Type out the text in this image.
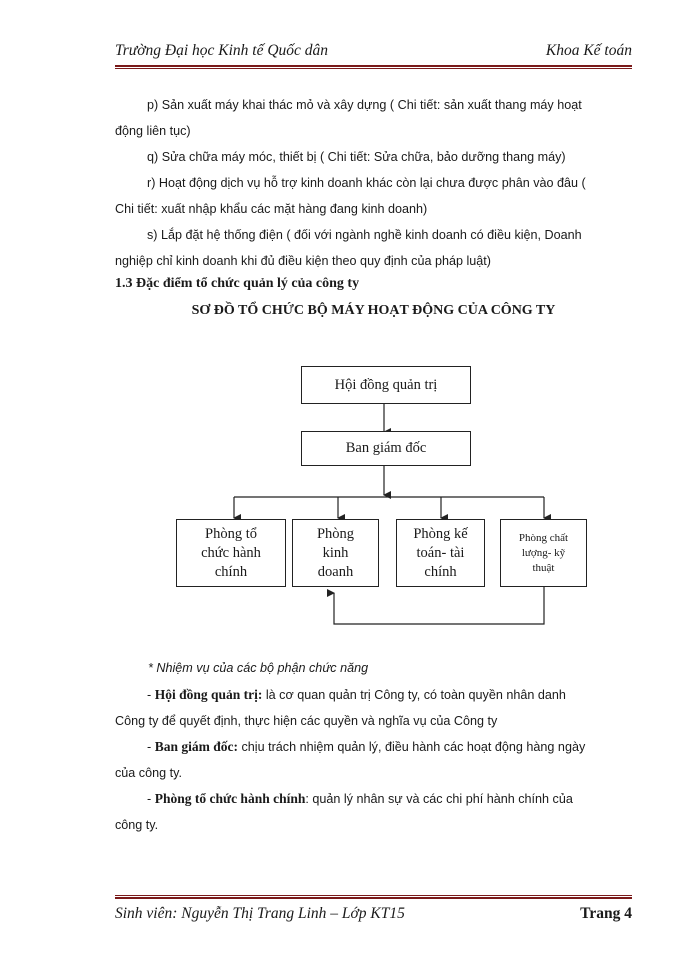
Trường Đại học Kinh tế Quốc dân	Khoa Kế toán
p) Sản xuất máy khai thác mỏ và xây dựng ( Chi tiết: sản xuất thang máy hoạt
động liên tục)
q) Sửa chữa máy móc, thiết bị ( Chi tiết: Sửa chữa, bảo dưỡng thang máy)
r) Hoạt động dịch vụ hỗ trợ kinh doanh khác còn lại chưa được phân vào đâu (
Chi tiết: xuất nhập khẩu các mặt hàng đang kinh doanh)
s) Lắp đặt hệ thống điện ( đối với ngành nghề kinh doanh có điều kiện, Doanh
nghiệp chỉ kinh doanh khi đủ điều kiện theo quy định của pháp luật)
1.3 Đặc điểm tổ chức quản lý của công ty
SƠ ĐỒ TỔ CHỨC BỘ MÁY HOẠT ĐỘNG CỦA CÔNG TY
Hội đồng quản trị
Ban giám đốc
Phòng tổ
chức hành
chính
Phòng
kinh
doanh
Phòng kế
toán- tài
chính
Phòng chất
lượng- kỹ
thuật
* Nhiệm vụ của các bộ phận chức năng
- Hội đồng quản trị: là cơ quan quản trị Công ty, có toàn quyền nhân danh
Công ty để quyết định, thực hiện các quyền và nghĩa vụ của Công ty
- Ban giám đốc: chịu trách nhiệm quản lý, điều hành các hoạt động hàng ngày
của công ty.
- Phòng tổ chức hành chính: quản lý nhân sự và các chi phí hành chính của
công ty.
Sinh viên: Nguyễn Thị Trang Linh – Lớp KT15	Trang 4
